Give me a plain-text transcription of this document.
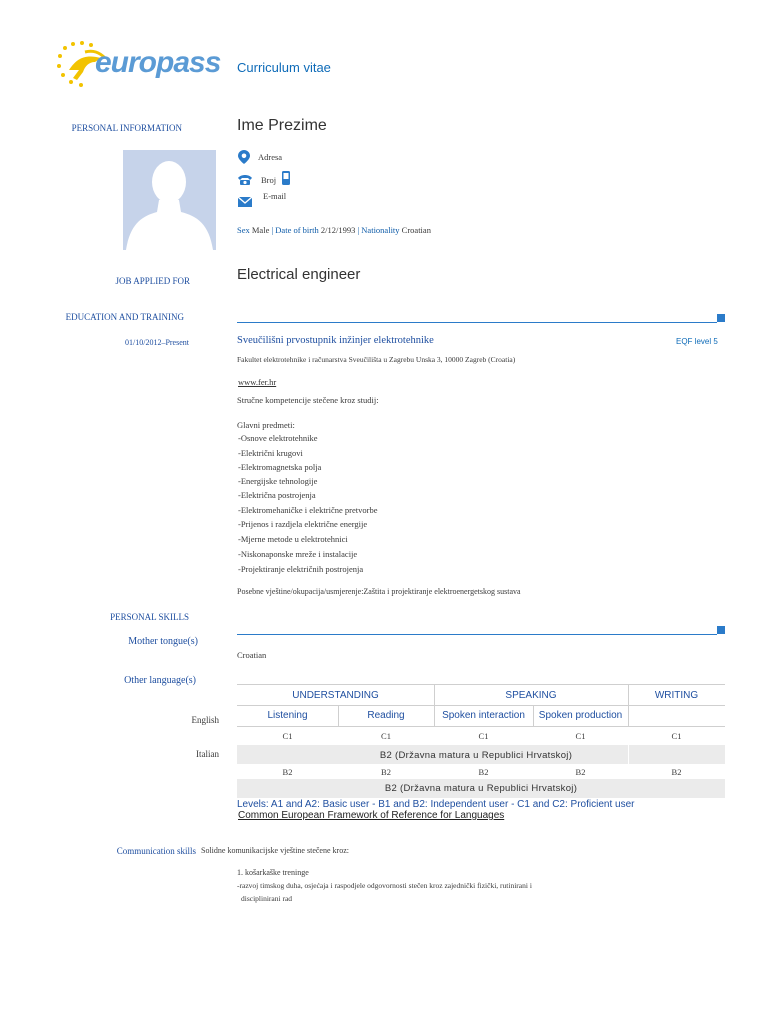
europass Curriculum vitae
PERSONAL INFORMATION	Ime Prezime
Adresa
Broj
E-mail
Sex Male | Date of birth 2/12/1993 | Nationality Croatian
JOB APPLIED FOR	Electrical engineer
EDUCATION AND TRAINING
01/10/2012–Present	Sveučilišni prvostupnik inžinjer elektrotehnike	EQF level 5
Fakultet elektrotehnike i računarstva Sveučilišta u Zagrebu Unska 3, 10000 Zagreb (Croatia)
www.fer.hr
Stručne kompetencije stečene kroz studij:
Glavni predmeti:
-Osnove elektrotehnike
-Električni krugovi
-Elektromagnetska polja
-Energijske tehnologije
-Električna postrojenja
-Elektromehaničke i električne pretvorbe
-Prijenos i razdjela električne energije
-Mjerne metode u elektrotehnici
-Niskonaponske mreže i instalacije
-Projektiranje električnih postrojenja
Posebne vještine/okupacija/usmjerenje:Zaštita i projektiranje elektroenergetskog sustava
PERSONAL SKILLS
Mother tongue(s)
Croatian
Other language(s)
UNDERSTANDING	SPEAKING	WRITING
Listening	Reading	Spoken interaction	Spoken production
English
C1	C1	C1	C1	C1
B2 (Državna matura u Republici Hrvatskoj)
Italian
B2	B2	B2	B2	B2
B2 (Državna matura u Republici Hrvatskoj)
Levels: A1 and A2: Basic user - B1 and B2: Independent user - C1 and C2: Proficient user
Common European Framework of Reference for Languages
Communication skills Solidne komunikacijske vještine stečene kroz:
1. košarkaške treninge
-razvoj timskog duha, osjećaja i raspodjele odgovornosti stečen kroz zajednički fizički, rutinirani i
disciplinirani rad
